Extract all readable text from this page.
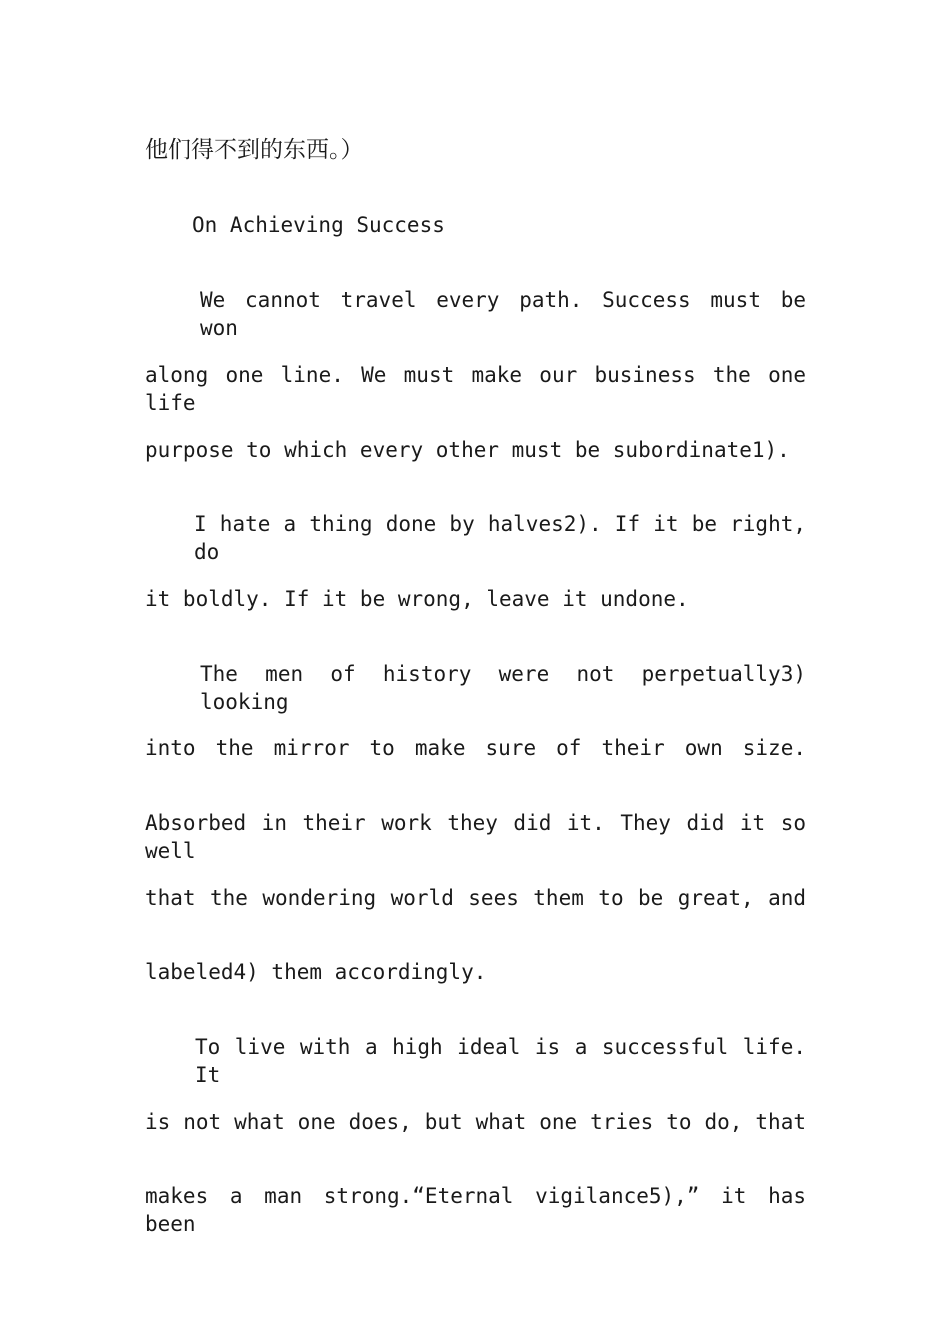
他们得不到的东西。）
On Achieving Success
We cannot travel every path. Success must be won
along one line. We must make our business the one life
purpose to which every other must be subordinate1).
I hate a thing done by halves2). If it be right, do
it boldly. If it be wrong, leave it undone.
The men of history were not perpetually3) looking
into the mirror to make sure of their own size.
Absorbed in their work they did it. They did it so well
that the wondering world sees them to be great, and
labeled4) them accordingly.
To live with a high ideal is a successful life. It
is not what one does, but what one tries to do, that
makes a man strong.“Eternal vigilance5),” it has been
